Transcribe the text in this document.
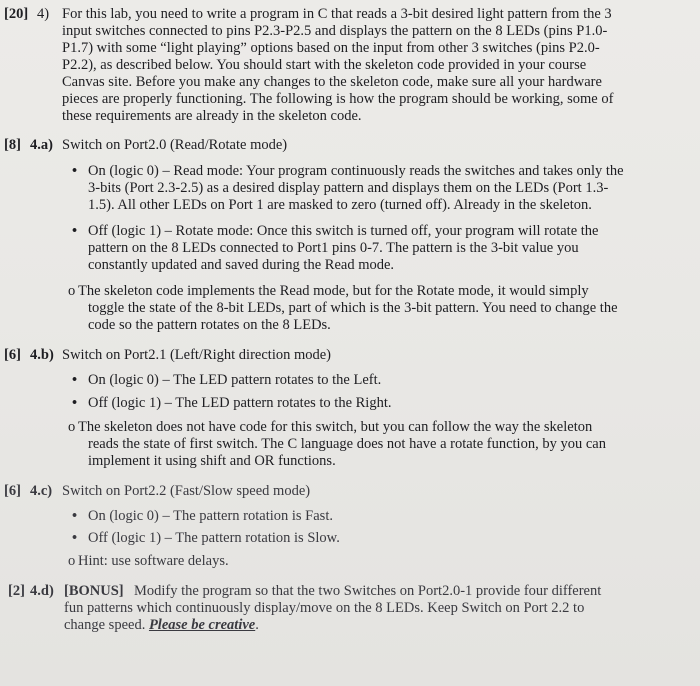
[20] 4) For this lab, you need to write a program in C that reads a 3-bit desired light pattern from the 3
input switches connected to pins P2.3-P2.5 and displays the pattern on the 8 LEDs (pins P1.0-
P1.7) with some “light playing” options based on the input from other 3 switches (pins P2.0-
P2.2), as described below. You should start with the skeleton code provided in your course
Canvas site. Before you make any changes to the skeleton code, make sure all your hardware
pieces are properly functioning. The following is how the program should be working, some of
these requirements are already in the skeleton code.
[8] 4.a) Switch on Port2.0 (Read/Rotate mode)
• On (logic 0) – Read mode: Your program continuously reads the switches and takes only the
3-bits (Port 2.3-2.5) as a desired display pattern and displays them on the LEDs (Port 1.3-
1.5). All other LEDs on Port 1 are masked to zero (turned off). Already in the skeleton.
• Off (logic 1) – Rotate mode: Once this switch is turned off, your program will rotate the
pattern on the 8 LEDs connected to Port1 pins 0-7. The pattern is the 3-bit value you
constantly updated and saved during the Read mode.
o The skeleton code implements the Read mode, but for the Rotate mode, it would simply
toggle the state of the 8-bit LEDs, part of which is the 3-bit pattern. You need to change the
code so the pattern rotates on the 8 LEDs.
[6] 4.b) Switch on Port2.1 (Left/Right direction mode)
• On (logic 0) – The LED pattern rotates to the Left.
• Off (logic 1) – The LED pattern rotates to the Right.
o The skeleton does not have code for this switch, but you can follow the way the skeleton
reads the state of first switch. The C language does not have a rotate function, by you can
implement it using shift and OR functions.
[6] 4.c) Switch on Port2.2 (Fast/Slow speed mode)
• On (logic 0) – The pattern rotation is Fast.
• Off (logic 1) – The pattern rotation is Slow.
o Hint: use software delays.
[2] 4.d) [BONUS] Modify the program so that the two Switches on Port2.0-1 provide four different
fun patterns which continuously display/move on the 8 LEDs. Keep Switch on Port 2.2 to
change speed. Please be creative.
